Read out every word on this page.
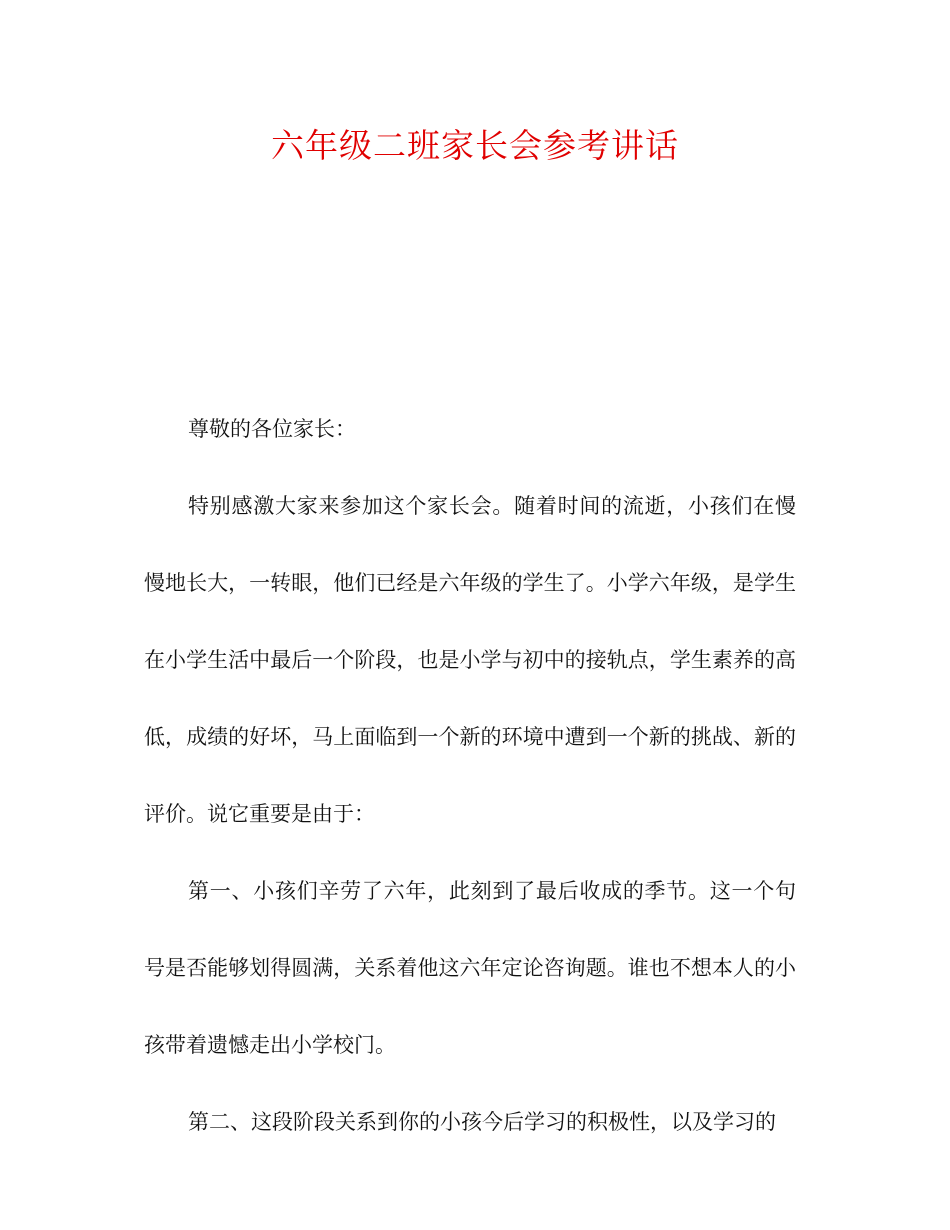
六年级二班家长会参考讲话

尊敬的各位家长：

特别感激大家来参加这个家长会。随着时间的流逝，小孩们在慢慢地长大，一转眼，他们已经是六年级的学生了。小学六年级，是学生在小学生活中最后一个阶段，也是小学与初中的接轨点，学生素养的高低，成绩的好坏，马上面临到一个新的环境中遭到一个新的挑战、新的评价。说它重要是由于：

第一、小孩们辛劳了六年，此刻到了最后收成的季节。这一个句号是否能够划得圆满，关系着他这六年定论咨询题。谁也不想本人的小孩带着遗憾走出小学校门。

第二、这段阶段关系到你的小孩今后学习的积极性，以及学习的
